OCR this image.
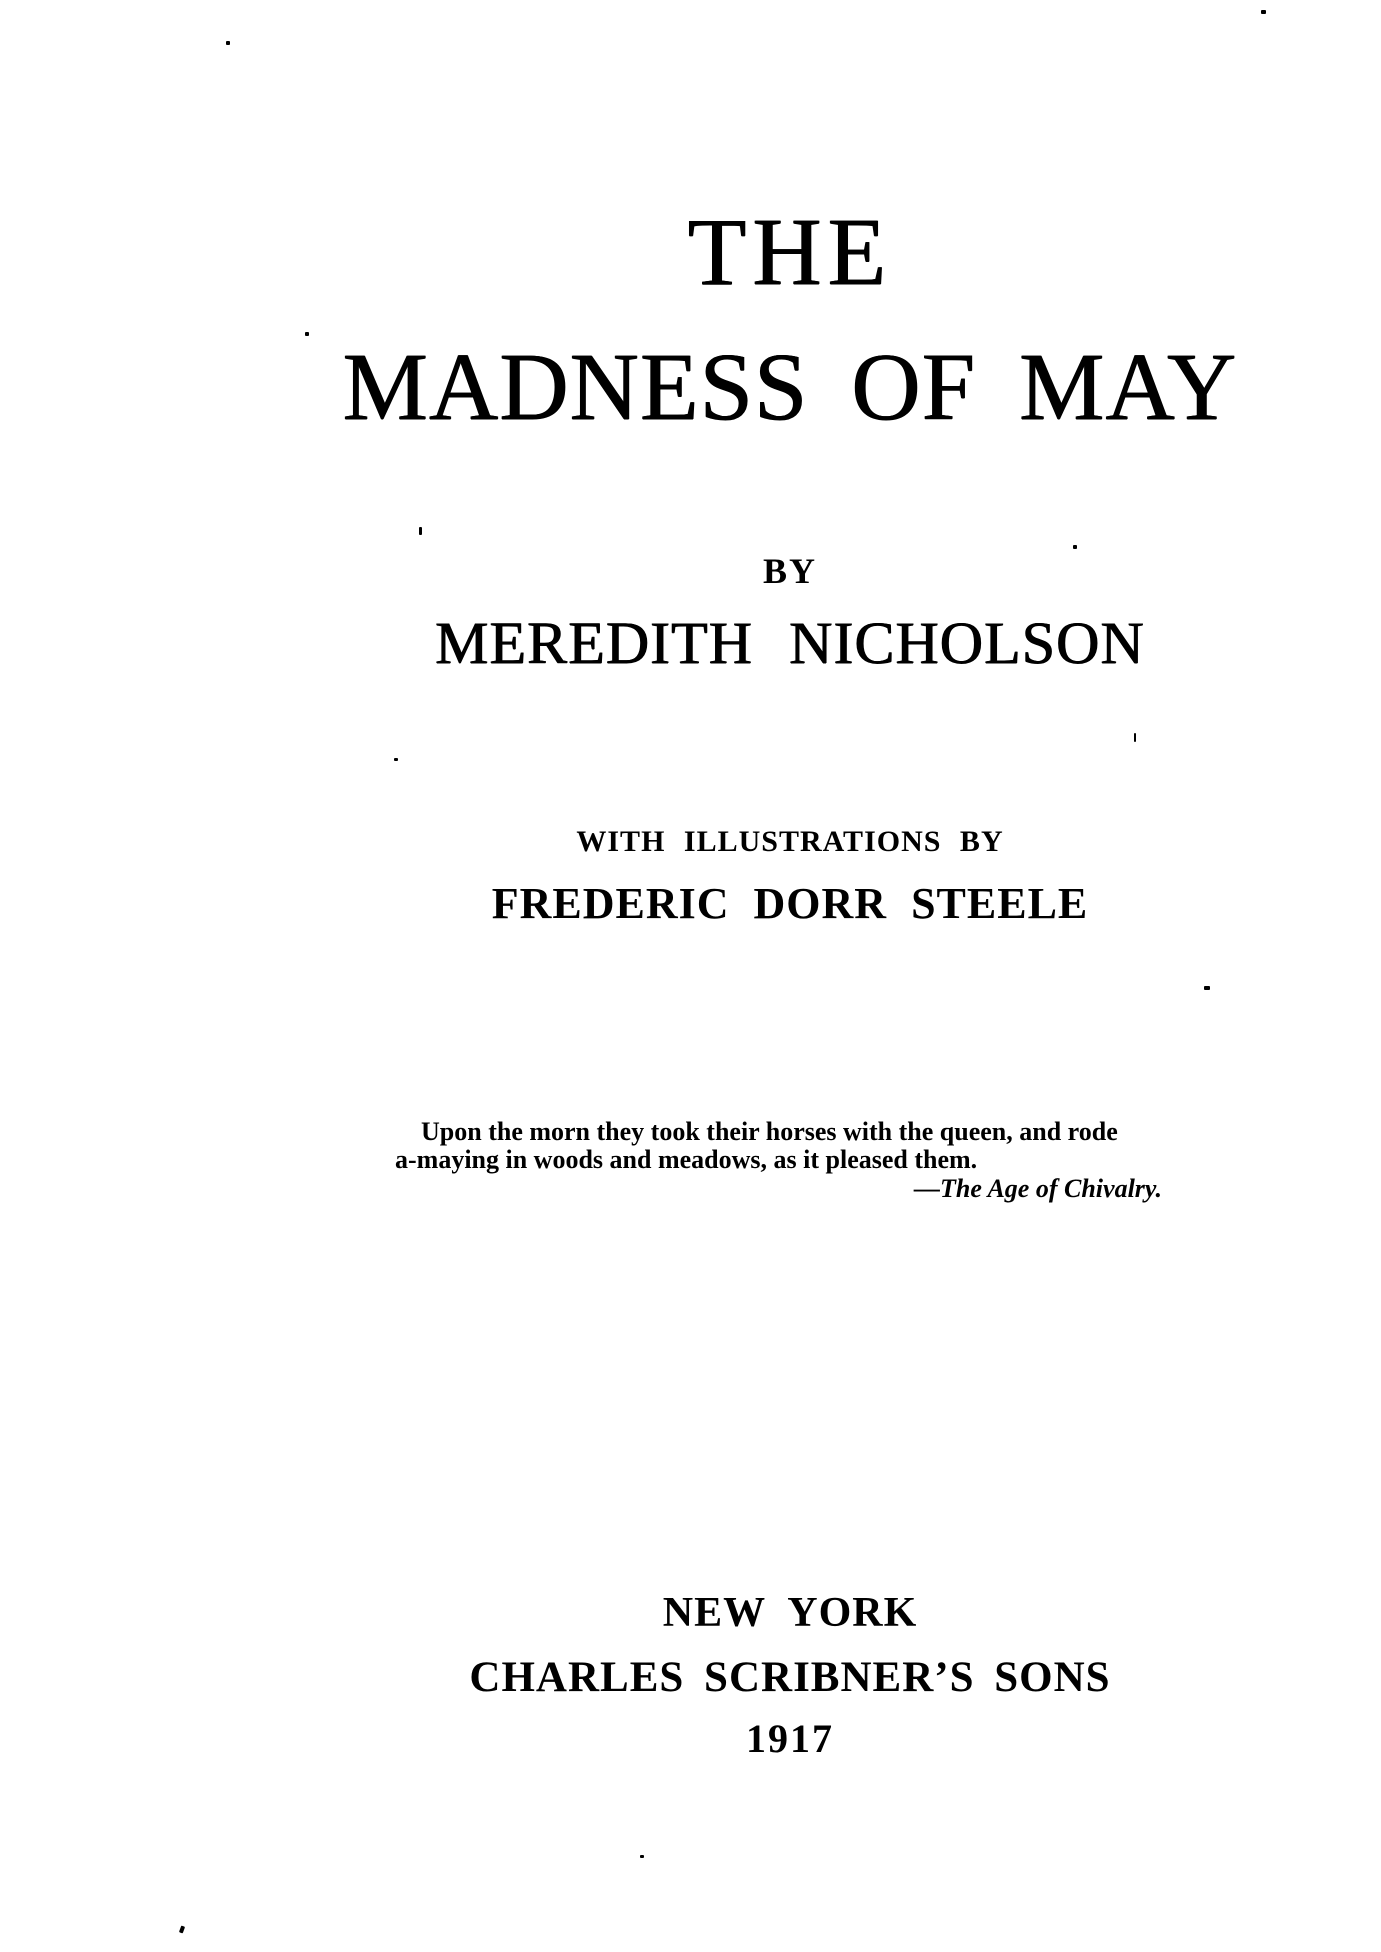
THE
MADNESS OF MAY
BY
MEREDITH NICHOLSON
WITH ILLUSTRATIONS BY
FREDERIC DORR STEELE
Upon the morn they took their horses with the queen, and rode
a-maying in woods and meadows, as it pleased them.
—The Age of Chivalry.
NEW YORK
CHARLES SCRIBNER’S SONS
1917
